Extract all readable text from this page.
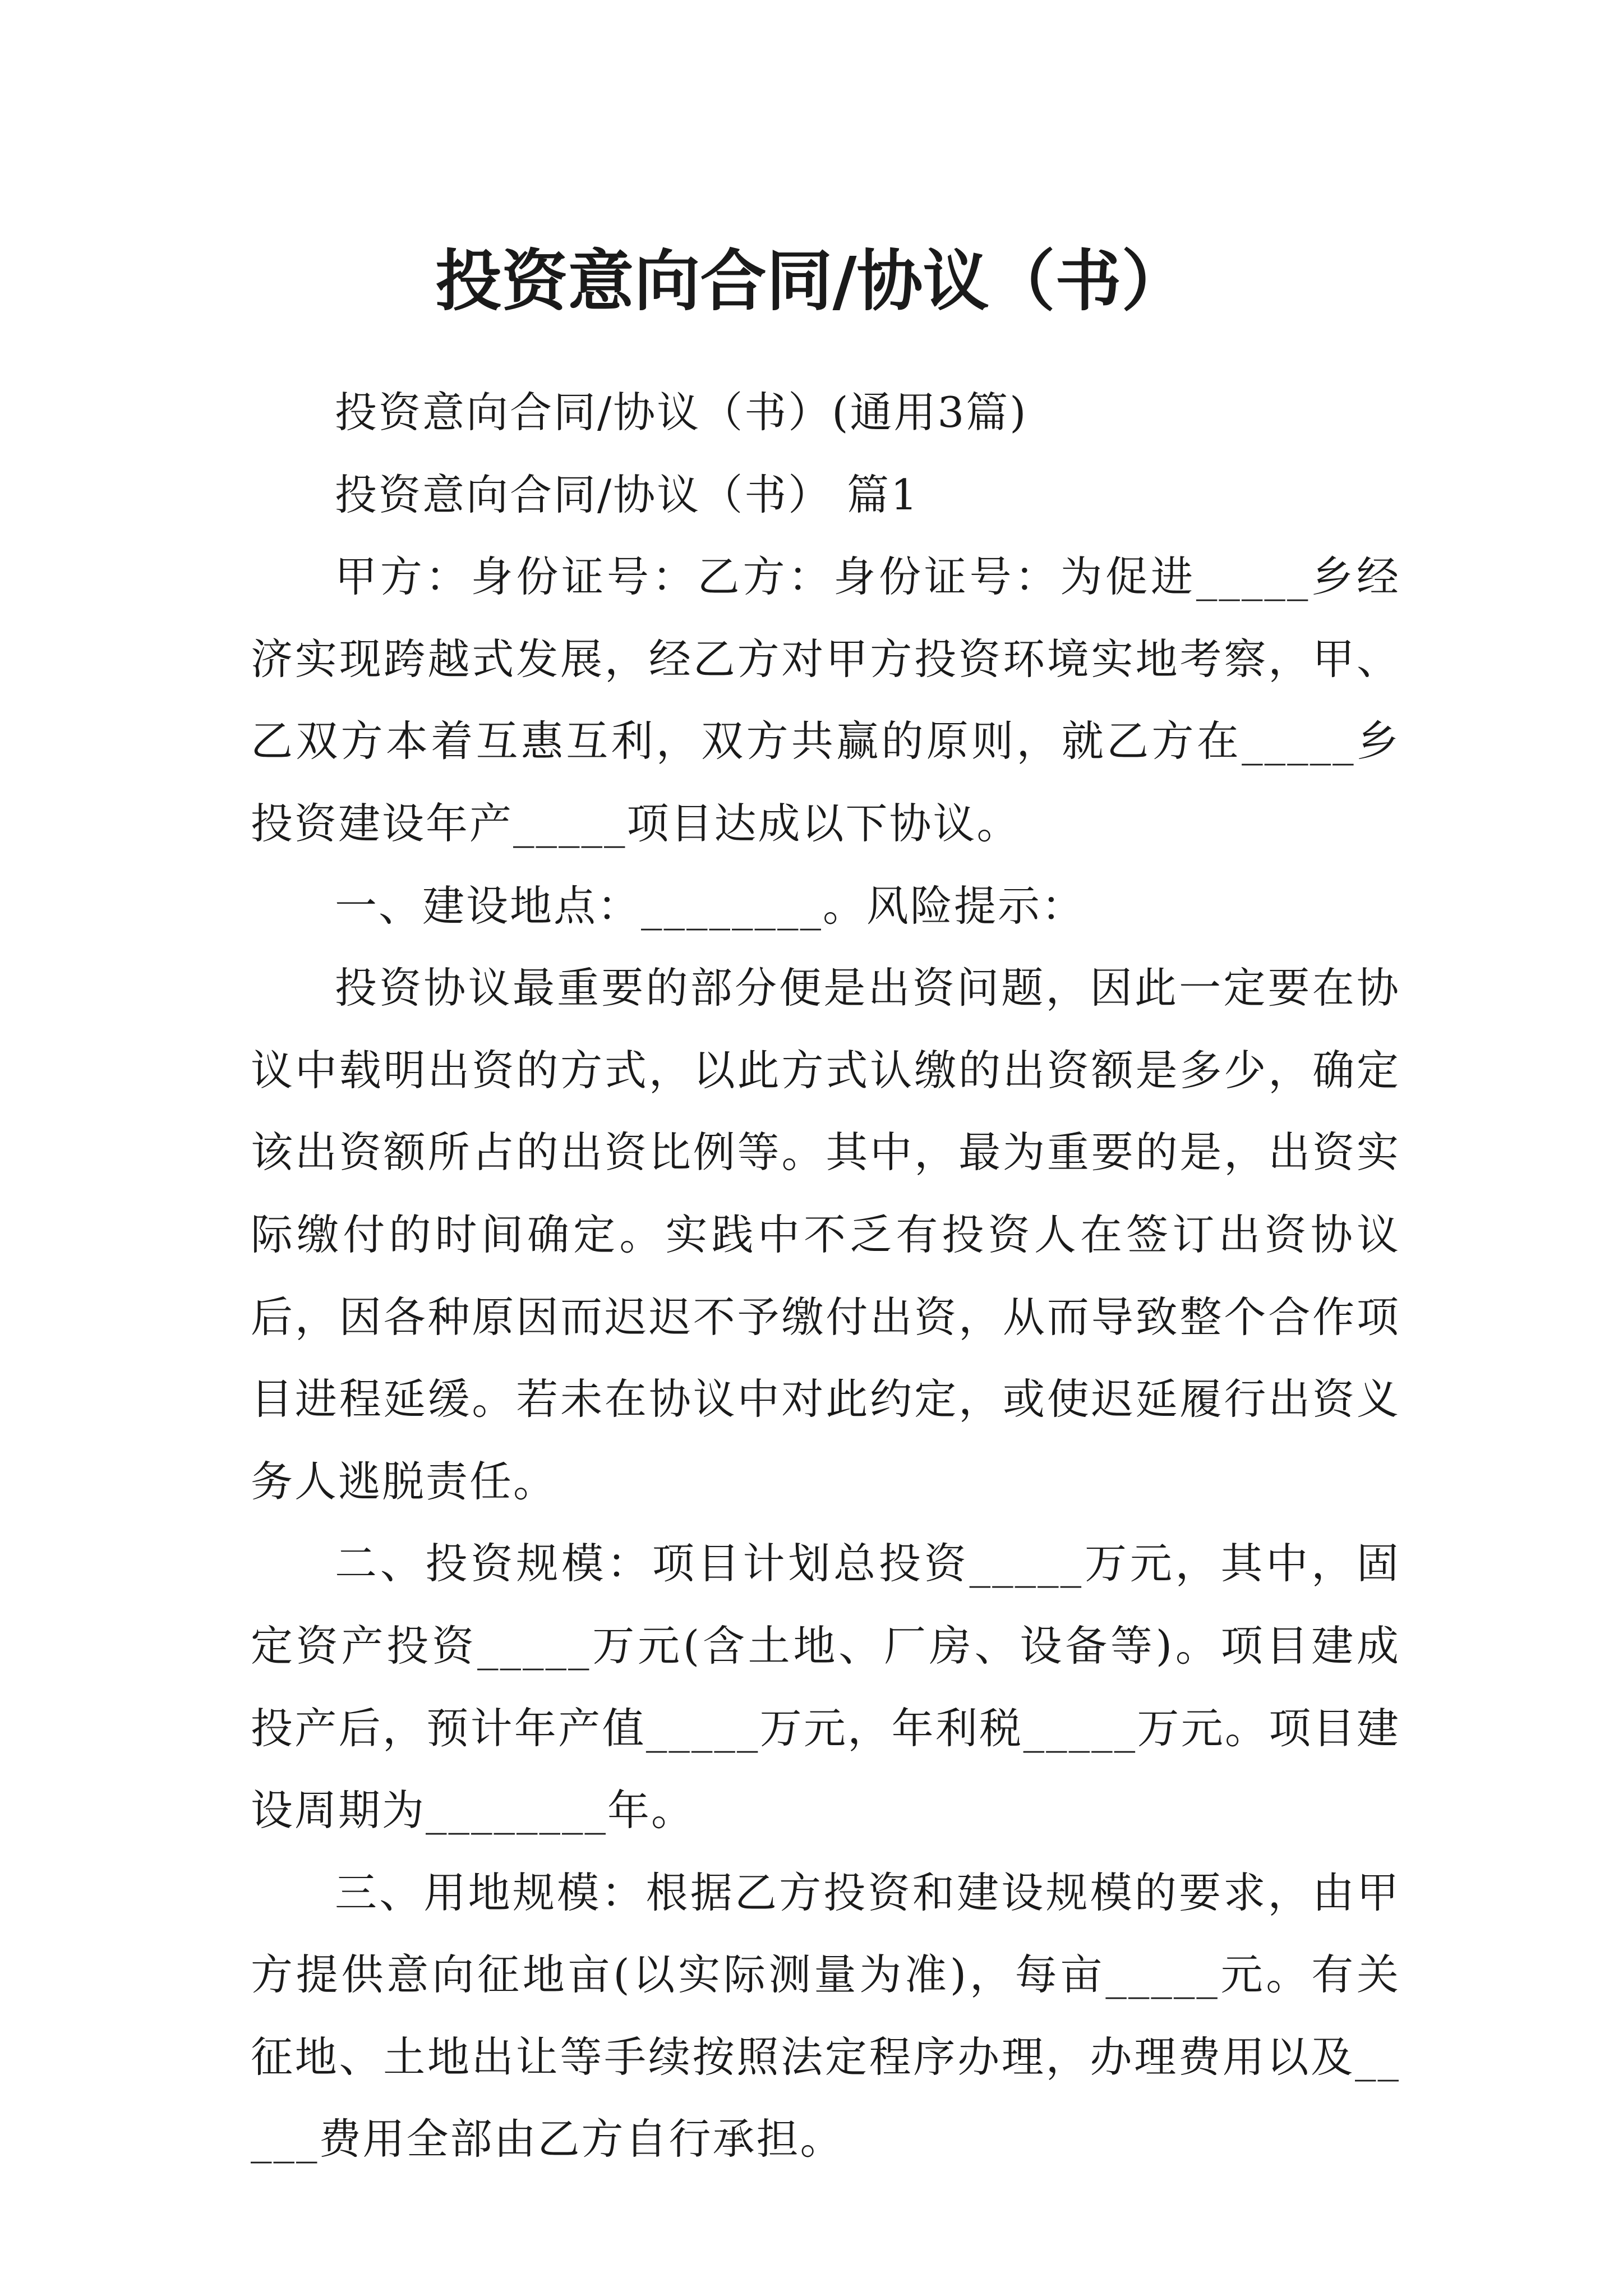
投资意向合同/协议（书）

投资意向合同/协议（书）(通用3篇)

投资意向合同/协议（书） 篇1

甲方：身份证号：乙方：身份证号：为促进_____乡经济实现跨越式发展，经乙方对甲方投资环境实地考察，甲、乙双方本着互惠互利，双方共赢的原则，就乙方在_____乡投资建设年产_____项目达成以下协议。

一、建设地点：________。风险提示：

投资协议最重要的部分便是出资问题，因此一定要在协议中载明出资的方式，以此方式认缴的出资额是多少，确定该出资额所占的出资比例等。其中，最为重要的是，出资实际缴付的时间确定。实践中不乏有投资人在签订出资协议后，因各种原因而迟迟不予缴付出资，从而导致整个合作项目进程延缓。若未在协议中对此约定，或使迟延履行出资义务人逃脱责任。

二、投资规模：项目计划总投资_____万元，其中，固定资产投资_____万元(含土地、厂房、设备等)。项目建成投产后，预计年产值_____万元，年利税_____万元。项目建设周期为________年。

三、用地规模：根据乙方投资和建设规模的要求，由甲方提供意向征地亩(以实际测量为准)，每亩_____元。有关征地、土地出让等手续按照法定程序办理，办理费用以及_____费用全部由乙方自行承担。
